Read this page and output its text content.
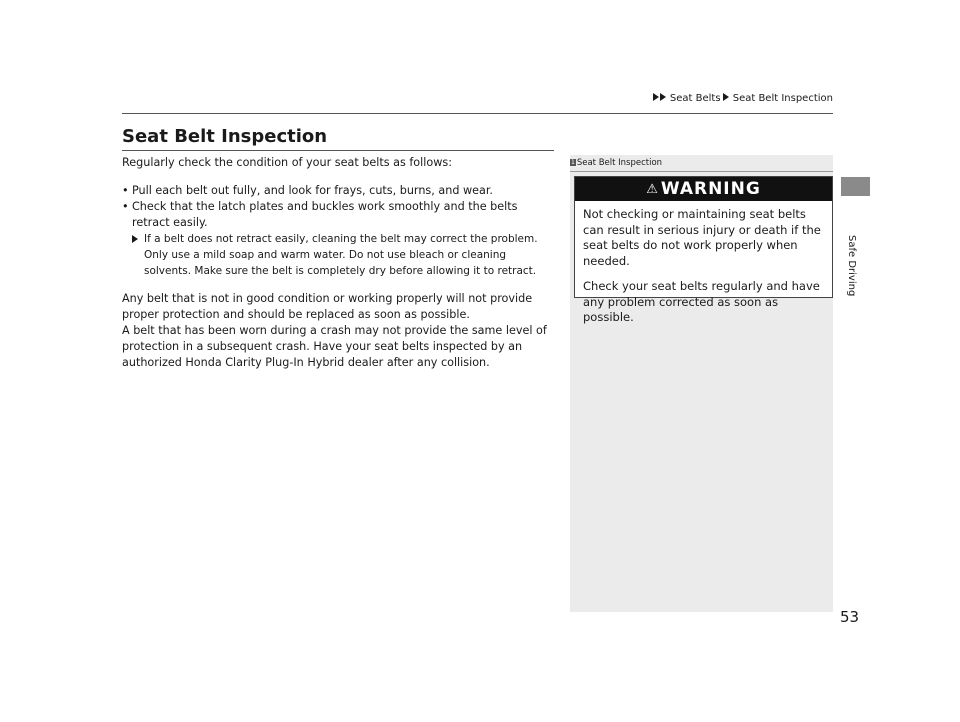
Seat Belts Seat Belt Inspection
Seat Belt Inspection

Regularly check the condition of your seat belts as follows:

• Pull each belt out fully, and look for frays, cuts, burns, and wear.
• Check that the latch plates and buckles work smoothly and the belts retract easily.
If a belt does not retract easily, cleaning the belt may correct the problem. Only use a mild soap and warm water. Do not use bleach or cleaning solvents. Make sure the belt is completely dry before allowing it to retract.

Any belt that is not in good condition or working properly will not provide proper protection and should be replaced as soon as possible.

A belt that has been worn during a crash may not provide the same level of protection in a subsequent crash. Have your seat belts inspected by an authorized Honda Clarity Plug-In Hybrid dealer after any collision.

1 Seat Belt Inspection
⚠ WARNING

Not checking or maintaining seat belts can result in serious injury or death if the seat belts do not work properly when needed.

Check your seat belts regularly and have any problem corrected as soon as possible.

Safe Driving
53
